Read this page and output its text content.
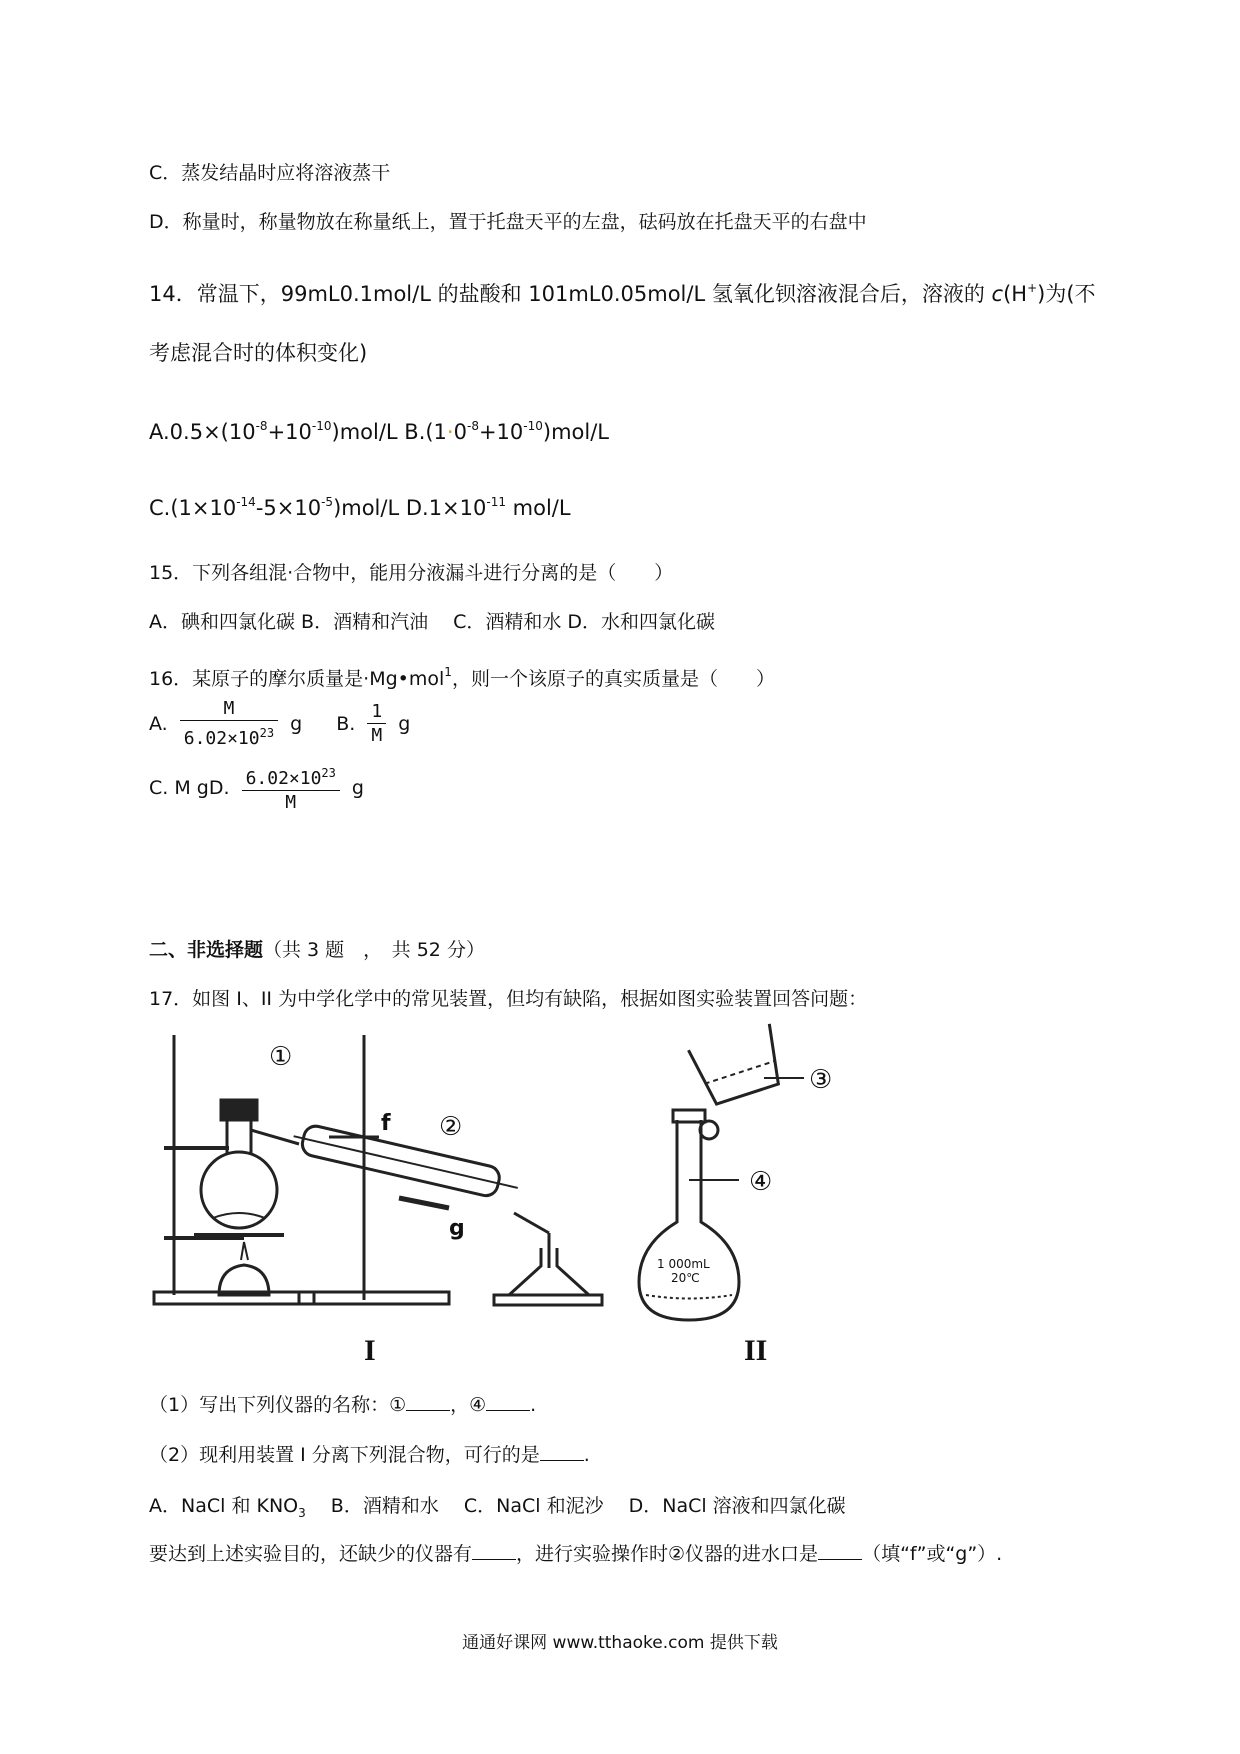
C．蒸发结晶时应将溶液蒸干
D．称量时，称量物放在称量纸上，置于托盘天平的左盘，砝码放在托盘天平的右盘中
14．常温下，99mL0.1mol/L 的盐酸和 101mL0.05mol/L 氢氧化钡溶液混合后，溶液的 c(H+)为(不
考虑混合时的体积变化)
$A.0.5\times(10^{-8}+10^{-10})mol/L$ $B.(1\cdot 0^{-8}+10^{-10})mol/L$
$C.(1\times 10^{-14}-5\times 10^{-5})mol/L$ $D.1\times 10^{-11}$ mol/L
15．下列各组混·合物中，能用分液漏斗进行分离的是（　　）
A．碘和四氯化碳 B．酒精和汽油　 C．酒精和水 D．水和四氯化碳
16．某原子的摩尔质量是·Mg•mol$^1$，则一个该原子的真实质量是（　　）
A. $\frac{M}{6.02\times 10^{23}}$ g B. $\frac{1}{M}$ g
C. M gD. $\frac{6.02\times 10^{23}}{M}$ g
二、非选择题（共 3 题　，　共 52 分）
17．如图 I、II 为中学化学中的常见装置，但均有缺陷，根据如图实验装置回答问题：
①
②
③
④
f
g
1 000mL
20℃
I	II
（1）写出下列仪器的名称：① ，④ .
（2）现利用装置 I 分离下列混合物，可行的是 .
A．NaCl 和 $KNO_3$　 B．酒精和水　 C．NaCl 和泥沙　 D．NaCl 溶液和四氯化碳
要达到上述实验目的，还缺少的仪器有 ，进行实验操作时②仪器的进水口是 （填“f”或“g”）.
通通好课网 www.tthaoke.com 提供下载
